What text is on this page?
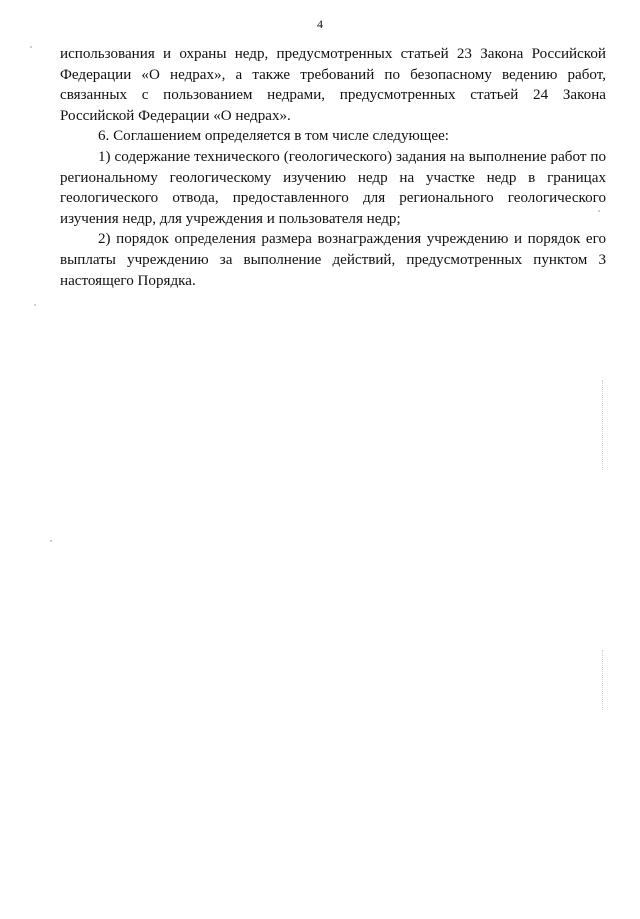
4

использования и охраны недр, предусмотренных статьей 23 Закона Российской Федерации «О недрах», а также требований по безопасному ведению работ, связанных с пользованием недрами, предусмотренных статьей 24 Закона Российской Федерации «О недрах».

6. Соглашением определяется в том числе следующее:

1) содержание технического (геологического) задания на выполнение работ по региональному геологическому изучению недр на участке недр в границах геологического отвода, предоставленного для регионального геологического изучения недр, для учреждения и пользователя недр;

2) порядок определения размера вознаграждения учреждению и порядок его выплаты учреждению за выполнение действий, предусмотренных пунктом 3 настоящего Порядка.
